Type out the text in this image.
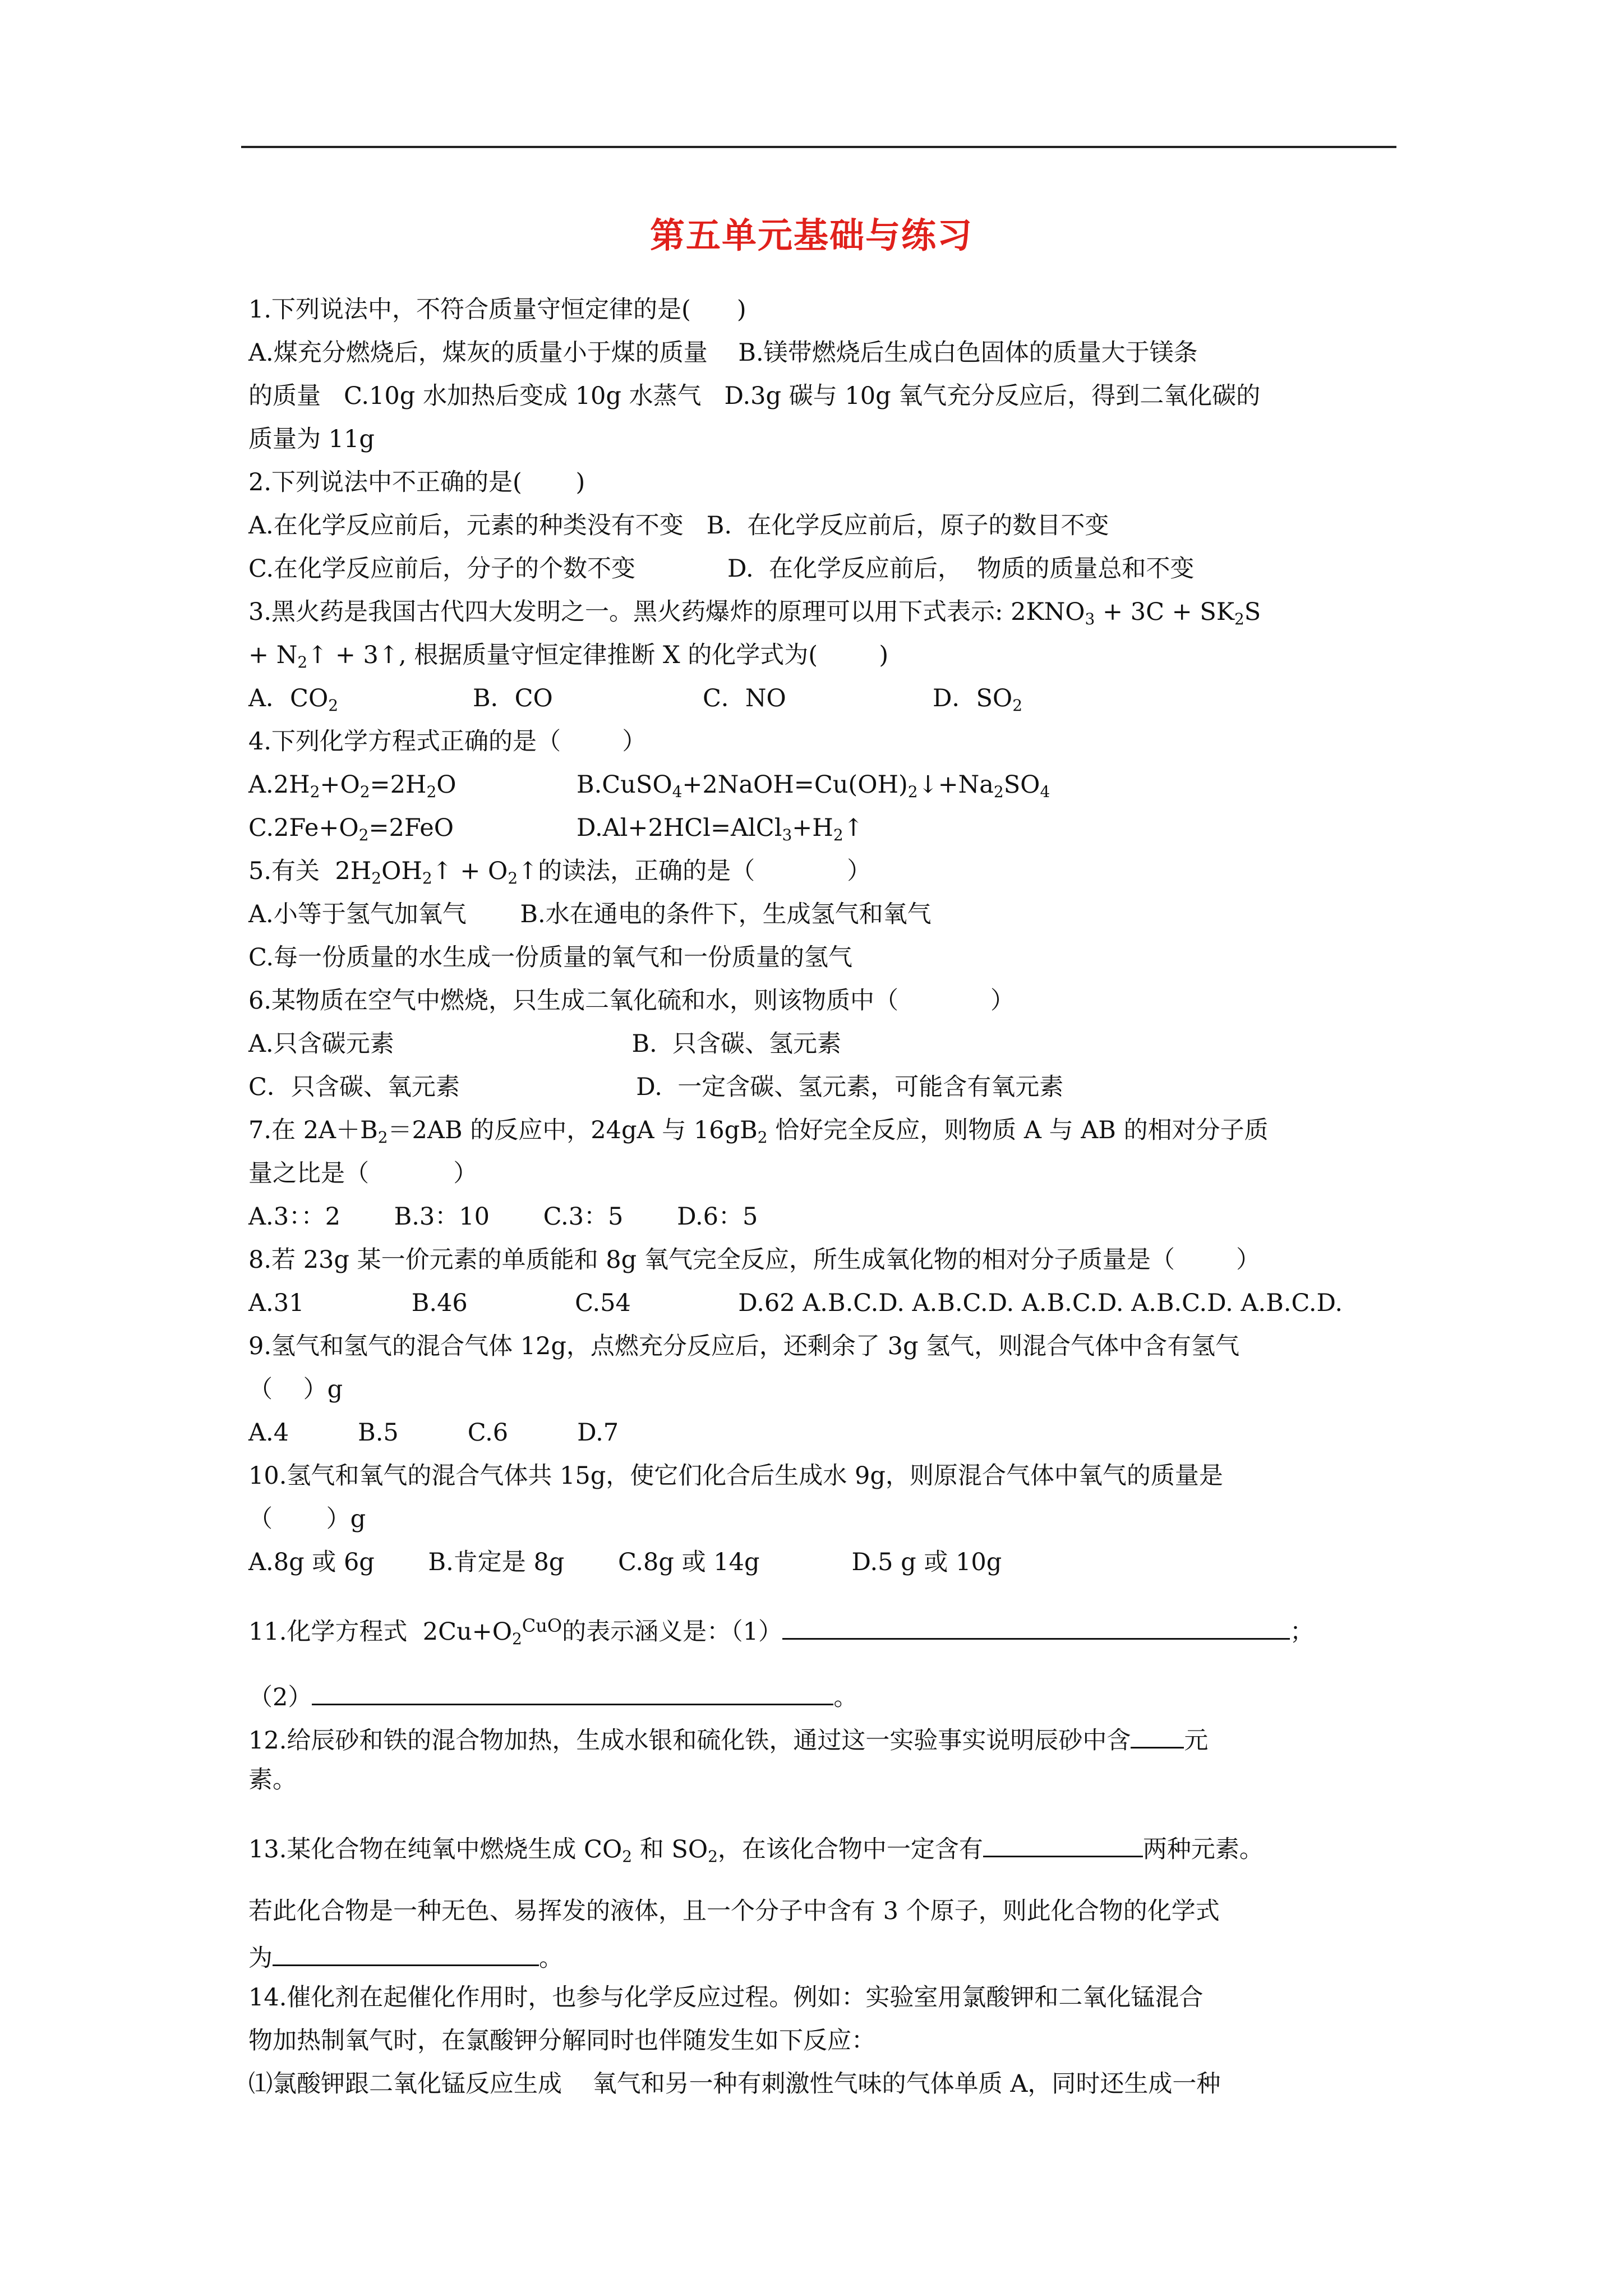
第五单元基础与练习
1.下列说法中，不符合质量守恒定律的是(      )
A.煤充分燃烧后，煤灰的质量小于煤的质量    B.镁带燃烧后生成白色固体的质量大于镁条
的质量   C.10g 水加热后变成 10g 水蒸气   D.3g 碳与 10g 氧气充分反应后，得到二氧化碳的
质量为 11g
2.下列说法中不正确的是(       )
A.在化学反应前后，元素的种类没有不变   B.  在化学反应前后，原子的数目不变
C.在化学反应前后，分子的个数不变            D.  在化学反应前后，  物质的质量总和不变
3.黑火药是我国古代四大发明之一。黑火药爆炸的原理可以用下式表示: $2KNO_3 + 3C + SK_2S$
+ $N_2↑$ + 3↑, 根据质量守恒定律推断 X 的化学式为(        )
A．$CO_2$	B．CO	C．NO	D．$SO_2$
4.下列化学方程式正确的是（        ）
$A.2H_2+O_2=2H_2O$	$B.CuSO_4+2NaOH=Cu(OH)_2↓+Na_2SO_4$
$C.2Fe+O_2=2FeO$	$D.Al+2HCl=AlCl_3+H_2↑$
5.有关  $2H_2OH_2↑$ + $O_2↑$的读法，正确的是（            ）
A.小等于氢气加氧气       B.水在通电的条件下，生成氢气和氧气
C.每一份质量的水生成一份质量的氧气和一份质量的氢气
6.某物质在空气中燃烧，只生成二氧化硫和水，则该物质中（            ）
A.只含碳元素                               B.  只含碳、氢元素
C．只含碳、氧元素                       D.  一定含碳、氢元素，可能含有氧元素
7.在 $2A+B_2=2AB$ 的反应中，24gA 与 $16gB_2$ 恰好完全反应，则物质 A 与 AB 的相对分子质
量之比是（           ）
A.3：：2       B.3：10       C.3：5       D.6：5
8.若 23g 某一价元素的单质能和 8g 氧气完全反应，所生成氧化物的相对分子质量是（        ）
A.31              B.46              C.54              D.62 A.B.C.D. A.B.C.D. A.B.C.D. A.B.C.D. A.B.C.D.
9.氢气和氢气的混合气体 12g，点燃充分反应后，还剩余了 3g 氢气，则混合气体中含有氢气
（    ）g
A.4         B.5         C.6         D.7
10.氢气和氧气的混合气体共 15g，使它们化合后生成水 9g，则原混合气体中氧气的质量是
（       ）g
A.8g 或 6g       B.肯定是 8g       C.8g 或 14g            D.5 g 或 10g
11.化学方程式  $2Cu+O_2^{CuO}$的表示涵义是：（1）	；
（2）	。
12.给辰砂和铁的混合物加热，生成水银和硫化铁，通过这一实验事实说明辰砂中含 元
素。
13.某化合物在纯氧中燃烧生成 $CO_2$ 和 $SO_2$，在该化合物中一定含有	两种元素。
若此化合物是一种无色、易挥发的液体，且一个分子中含有 3 个原子，则此化合物的化学式
为	。
14.催化剂在起催化作用时，也参与化学反应过程。例如：实验室用氯酸钾和二氧化锰混合
物加热制氧气时，在氯酸钾分解同时也伴随发生如下反应：
⑴氯酸钾跟二氧化锰反应生成    氧气和另一种有刺激性气味的气体单质 A，同时还生成一种
